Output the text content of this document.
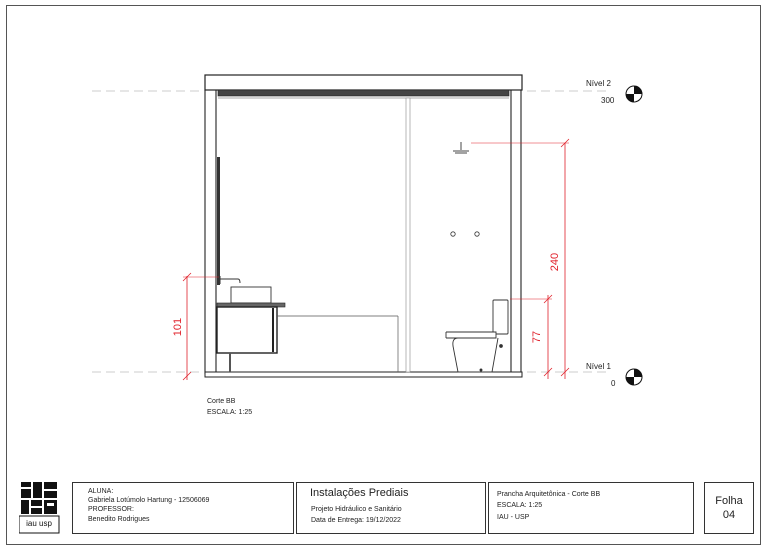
101
240
77
Nível 2
300
Nível 1
0
Corte BB
ESCALA: 1:25
iau usp
ALUNA:
Gabriela Lotúmolo Hartung - 12506069
PROFESSOR:
Benedito Rodrigues
Instalações Prediais
Projeto Hidráulico e Sanitário
Data de Entrega: 19/12/2022
Prancha Arquitetônica - Corte BB
ESCALA: 1:25
IAU - USP
Folha
04
